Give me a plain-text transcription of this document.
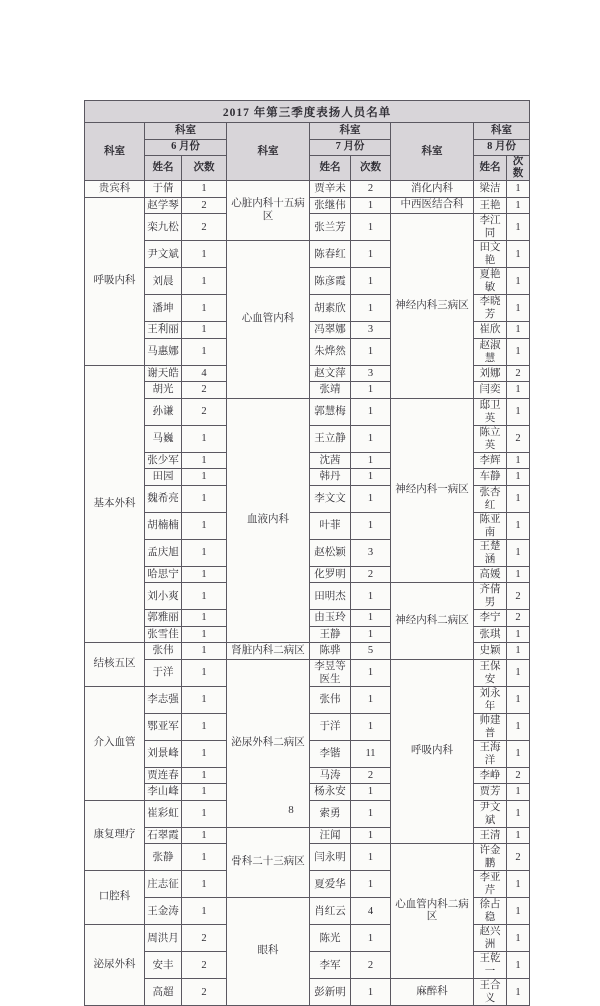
2017 年第三季度表扬人员名单								
科室	科室		科室	科室		科室	科室	
	6 月份			7 月份			8 月份	
	姓名	次数		姓名	次数		姓名	次数
贵宾科	于倩	1	心脏内科十五病区	贾辛未	2	消化内科	梁洁	1
呼吸内科	赵学琴	2		张继伟	1	中西医结合科	王艳	1
	栾九松	2		张兰芳	1	神经内科三病区	李江同	1
	尹文斌	1	心血管内科	陈春红	1		田文艳	1
	刘晨	1		陈彦霞	1		夏艳敏	1
	潘坤	1		胡素欣	1		李晓芳	1
	王利丽	1		冯翠娜	3		崔欣	1
	马惠娜	1		朱烨然	1		赵淑慧	1
基本外科	谢天皓	4		赵文萍	3		刘娜	2
	胡光	2		张靖	1		闫奕	1
	孙谦	2	血液内科	郭慧梅	1	神经内科一病区	邸卫英	1
	马巍	1		王立静	1		陈立英	2
	张少军	1		沈茜	1		李辉	1
	田园	1		韩丹	1		车静	1
	魏希亮	1		李文文	1		张杏红	1
	胡楠楠	1		叶菲	1		陈亚南	1
	孟庆旭	1		赵松颖	3		王楚涵	1
	哈思宁	1		化罗明	2		高媛	1
	刘小爽	1		田明杰	1	神经内科二病区	齐倩男	2
	郭雅丽	1		由玉玲	1		李宁	2
	张雪佳	1		王静	1		张琪	1
结核五区	张伟	1	肾脏内科二病区	陈骅	5		史颖	1
	于洋	1	泌尿外科二病区	李昱等医生	1	呼吸内科	王保安	1
介入血管	李志强	1		张伟	1		刘永年	1
	鄂亚军	1		于洋	1		帅建普	1
	刘景峰	1		李锴	11		王海洋	1
	贾连春	1		马涛	2		李峥	2
	李山峰	1		杨永安	1		贾芳	1
康复理疗	崔彩虹	1		索勇	1		尹文斌	1
	石翠霞	1	骨科二十三病区	汪闻	1		王清	1
	张静	1		闫永明	1	心血管内科二病区	许金鹏	2
口腔科	庄志征	1		夏爱华	1		李亚芹	1
	王金涛	1	眼科	肖红云	4		徐占稳	1
泌尿外科	周洪月	2		陈光	1		赵兴洲	1
	安丰	2		李军	2		王乾一	1
	高超	2		彭新明	1	麻醉科	王合义	1
8
